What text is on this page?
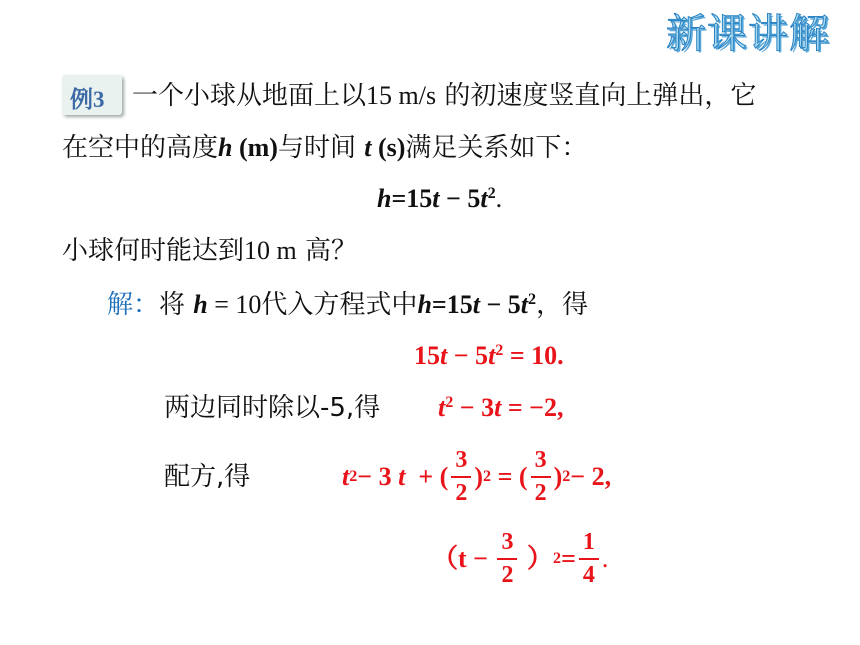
新课讲解
例3 一个小球从地面上以15 m/s 的初速度竖直向上弹出，它
在空中的高度h (m)与时间 t (s)满足关系如下：
$h=15t - 5t^2$.
小球何时能达到10 m 高？
解：将 h = 10代入方程式中$h=15t - 5t^2$，得
$15t - 5t^2 = 10$.
两边同时除以-5,得 $t^2 - 3t = -2$,
配方,得	t 2 − 3
t + ( $\frac{3}{2}$ ) 2 = ( $\frac{3}{2}$ ) 2 − 2,
（$t - \frac{3}{2}$ ） $2 = \frac{1}{4}$ .
